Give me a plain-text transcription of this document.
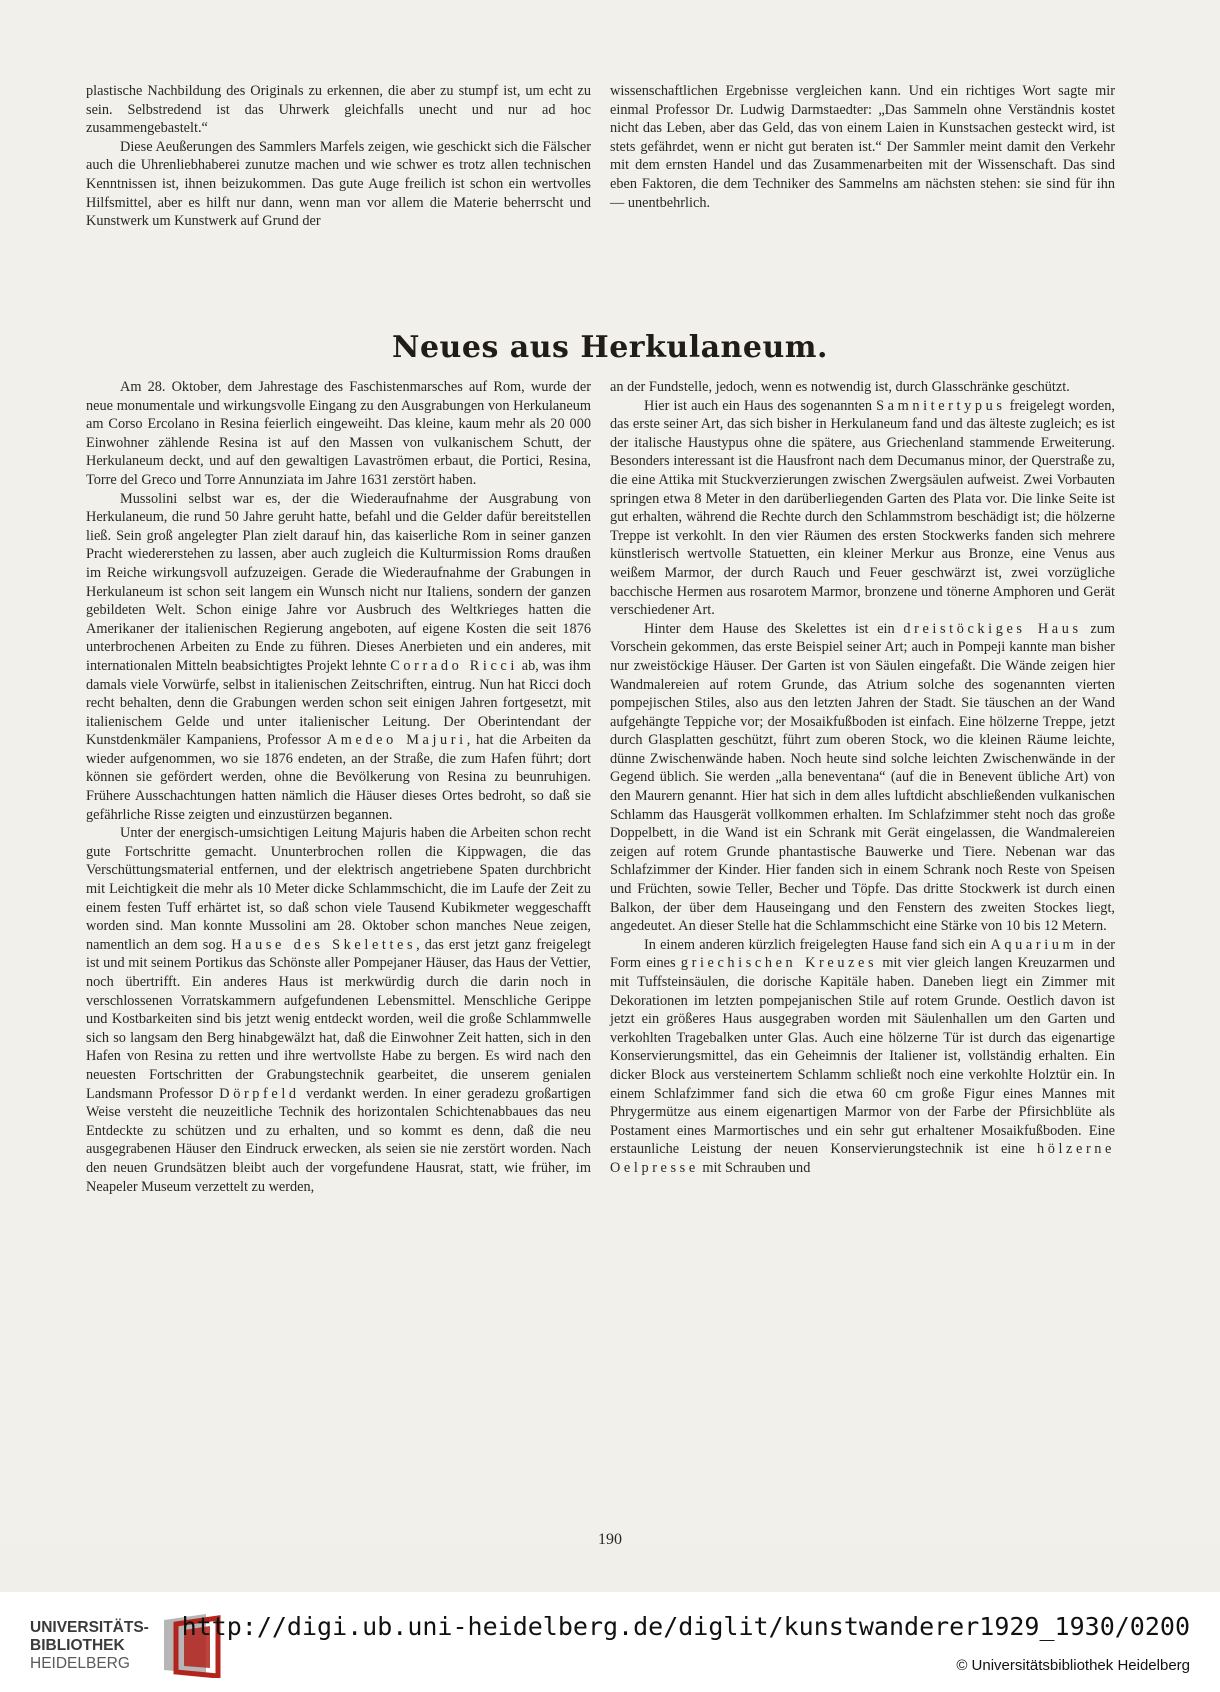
plastische Nachbildung des Originals zu erkennen, die aber zu stumpf ist, um echt zu sein. Selbstredend ist das Uhrwerk gleichfalls unecht und nur ad hoc zusammengebastelt.“

Diese Aeußerungen des Sammlers Marfels zeigen, wie geschickt sich die Fälscher auch die Uhrenliebhaberei zunutze machen und wie schwer es trotz allen technischen Kenntnissen ist, ihnen beizukommen. Das gute Auge freilich ist schon ein wertvolles Hilfsmittel, aber es hilft nur dann, wenn man vor allem die Materie beherrscht und Kunstwerk um Kunstwerk auf Grund der

wissenschaftlichen Ergebnisse vergleichen kann. Und ein richtiges Wort sagte mir einmal Professor Dr. Ludwig Darmstaedter: „Das Sammeln ohne Verständnis kostet nicht das Leben, aber das Geld, das von einem Laien in Kunstsachen gesteckt wird, ist stets gefährdet, wenn er nicht gut beraten ist.“ Der Sammler meint damit den Verkehr mit dem ernsten Handel und das Zusammenarbeiten mit der Wissenschaft. Das sind eben Faktoren, die dem Techniker des Sammelns am nächsten stehen: sie sind für ihn — unentbehrlich.

Neues aus Herkulaneum.

Am 28. Oktober, dem Jahrestage des Faschistenmarsches auf Rom, wurde der neue monumentale und wirkungsvolle Eingang zu den Ausgrabungen von Herkulaneum am Corso Ercolano in Resina feierlich eingeweiht. Das kleine, kaum mehr als 20 000 Einwohner zählende Resina ist auf den Massen von vulkanischem Schutt, der Herkulaneum deckt, und auf den gewaltigen Lavaströmen erbaut, die Portici, Resina, Torre del Greco und Torre Annunziata im Jahre 1631 zerstört haben.

Mussolini selbst war es, der die Wiederaufnahme der Ausgrabung von Herkulaneum, die rund 50 Jahre geruht hatte, befahl und die Gelder dafür bereitstellen ließ. Sein groß angelegter Plan zielt darauf hin, das kaiserliche Rom in seiner ganzen Pracht wiedererstehen zu lassen, aber auch zugleich die Kulturmission Roms draußen im Reiche wirkungsvoll aufzuzeigen. Gerade die Wiederaufnahme der Grabungen in Herkulaneum ist schon seit langem ein Wunsch nicht nur Italiens, sondern der ganzen gebildeten Welt. Schon einige Jahre vor Ausbruch des Weltkrieges hatten die Amerikaner der italienischen Regierung angeboten, auf eigene Kosten die seit 1876 unterbrochenen Arbeiten zu Ende zu führen. Dieses Anerbieten und ein anderes, mit internationalen Mitteln beabsichtigtes Projekt lehnte Corrado Ricci ab, was ihm damals viele Vorwürfe, selbst in italienischen Zeitschriften, eintrug. Nun hat Ricci doch recht behalten, denn die Grabungen werden schon seit einigen Jahren fortgesetzt, mit italienischem Gelde und unter italienischer Leitung. Der Oberintendant der Kunstdenkmäler Kampaniens, Professor Amedeo Majuri, hat die Arbeiten da wieder aufgenommen, wo sie 1876 endeten, an der Straße, die zum Hafen führt; dort können sie gefördert werden, ohne die Bevölkerung von Resina zu beunruhigen. Frühere Ausschachtungen hatten nämlich die Häuser dieses Ortes bedroht, so daß sie gefährliche Risse zeigten und einzustürzen begannen.

Unter der energisch-umsichtigen Leitung Majuris haben die Arbeiten schon recht gute Fortschritte gemacht. Ununterbrochen rollen die Kippwagen, die das Verschüttungsmaterial entfernen, und der elektrisch angetriebene Spaten durchbricht mit Leichtigkeit die mehr als 10 Meter dicke Schlammschicht, die im Laufe der Zeit zu einem festen Tuff erhärtet ist, so daß schon viele Tausend Kubikmeter weggeschafft worden sind. Man konnte Mussolini am 28. Oktober schon manches Neue zeigen, namentlich an dem sog. Hause des Skelettes, das erst jetzt ganz freigelegt ist und mit seinem Portikus das Schönste aller Pompejaner Häuser, das Haus der Vettier, noch übertrifft. Ein anderes Haus ist merkwürdig durch die darin noch in verschlossenen Vorratskammern aufgefundenen Lebensmittel. Menschliche Gerippe und Kostbarkeiten sind bis jetzt wenig entdeckt worden, weil die große Schlammwelle sich so langsam den Berg hinabgewälzt hat, daß die Einwohner Zeit hatten, sich in den Hafen von Resina zu retten und ihre wertvollste Habe zu bergen. Es wird nach den neuesten Fortschritten der Grabungstechnik gearbeitet, die unserem genialen Landsmann Professor Dörpfeld verdankt werden. In einer geradezu großartigen Weise versteht die neuzeitliche Technik des horizontalen Schichtenabbaues das neu Entdeckte zu schützen und zu erhalten, und so kommt es denn, daß die neu ausgegrabenen Häuser den Eindruck erwecken, als seien sie nie zerstört worden. Nach den neuen Grundsätzen bleibt auch der vorgefundene Hausrat, statt, wie früher, im Neapeler Museum verzettelt zu werden,

an der Fundstelle, jedoch, wenn es notwendig ist, durch Glasschränke geschützt.

Hier ist auch ein Haus des sogenannten Samnitertypus freigelegt worden, das erste seiner Art, das sich bisher in Herkulaneum fand und das älteste zugleich; es ist der italische Haustypus ohne die spätere, aus Griechenland stammende Erweiterung. Besonders interessant ist die Hausfront nach dem Decumanus minor, der Querstraße zu, die eine Attika mit Stuckverzierungen zwischen Zwergsäulen aufweist. Zwei Vorbauten springen etwa 8 Meter in den darüberliegenden Garten des Plata vor. Die linke Seite ist gut erhalten, während die Rechte durch den Schlammstrom beschädigt ist; die hölzerne Treppe ist verkohlt. In den vier Räumen des ersten Stockwerks fanden sich mehrere künstlerisch wertvolle Statuetten, ein kleiner Merkur aus Bronze, eine Venus aus weißem Marmor, der durch Rauch und Feuer geschwärzt ist, zwei vorzügliche bacchische Hermen aus rosarotem Marmor, bronzene und tönerne Amphoren und Gerät verschiedener Art.

Hinter dem Hause des Skelettes ist ein dreistöckiges Haus zum Vorschein gekommen, das erste Beispiel seiner Art; auch in Pompeji kannte man bisher nur zweistöckige Häuser. Der Garten ist von Säulen eingefaßt. Die Wände zeigen hier Wandmalereien auf rotem Grunde, das Atrium solche des sogenannten vierten pompejischen Stiles, also aus den letzten Jahren der Stadt. Sie täuschen an der Wand aufgehängte Teppiche vor; der Mosaikfußboden ist einfach. Eine hölzerne Treppe, jetzt durch Glasplatten geschützt, führt zum oberen Stock, wo die kleinen Räume leichte, dünne Zwischenwände haben. Noch heute sind solche leichten Zwischenwände in der Gegend üblich. Sie werden „alla beneventana“ (auf die in Benevent übliche Art) von den Maurern genannt. Hier hat sich in dem alles luftdicht abschließenden vulkanischen Schlamm das Hausgerät vollkommen erhalten. Im Schlafzimmer steht noch das große Doppelbett, in die Wand ist ein Schrank mit Gerät eingelassen, die Wandmalereien zeigen auf rotem Grunde phantastische Bauwerke und Tiere. Nebenan war das Schlafzimmer der Kinder. Hier fanden sich in einem Schrank noch Reste von Speisen und Früchten, sowie Teller, Becher und Töpfe. Das dritte Stockwerk ist durch einen Balkon, der über dem Hauseingang und den Fenstern des zweiten Stockes liegt, angedeutet. An dieser Stelle hat die Schlammschicht eine Stärke von 10 bis 12 Metern.

In einem anderen kürzlich freigelegten Hause fand sich ein Aquarium in der Form eines griechischen Kreuzes mit vier gleich langen Kreuzarmen und mit Tuffsteinsäulen, die dorische Kapitäle haben. Daneben liegt ein Zimmer mit Dekorationen im letzten pompejanischen Stile auf rotem Grunde. Oestlich davon ist jetzt ein größeres Haus ausgegraben worden mit Säulenhallen um den Garten und verkohlten Tragebalken unter Glas. Auch eine hölzerne Tür ist durch das eigenartige Konservierungsmittel, das ein Geheimnis der Italiener ist, vollständig erhalten. Ein dicker Block aus versteinertem Schlamm schließt noch eine verkohlte Holztür ein. In einem Schlafzimmer fand sich die etwa 60 cm große Figur eines Mannes mit Phrygermütze aus einem eigenartigen Marmor von der Farbe der Pfirsichblüte als Postament eines Marmortisches und ein sehr gut erhaltener Mosaikfußboden. Eine erstaunliche Leistung der neuen Konservierungstechnik ist eine hölzerne Oelpresse mit Schrauben und

190
UNIVERSITÄTS-
BIBLIOTHEK
HEIDELBERG
http://digi.ub.uni-heidelberg.de/diglit/kunstwanderer1929_1930/0200
© Universitätsbibliothek Heidelberg
